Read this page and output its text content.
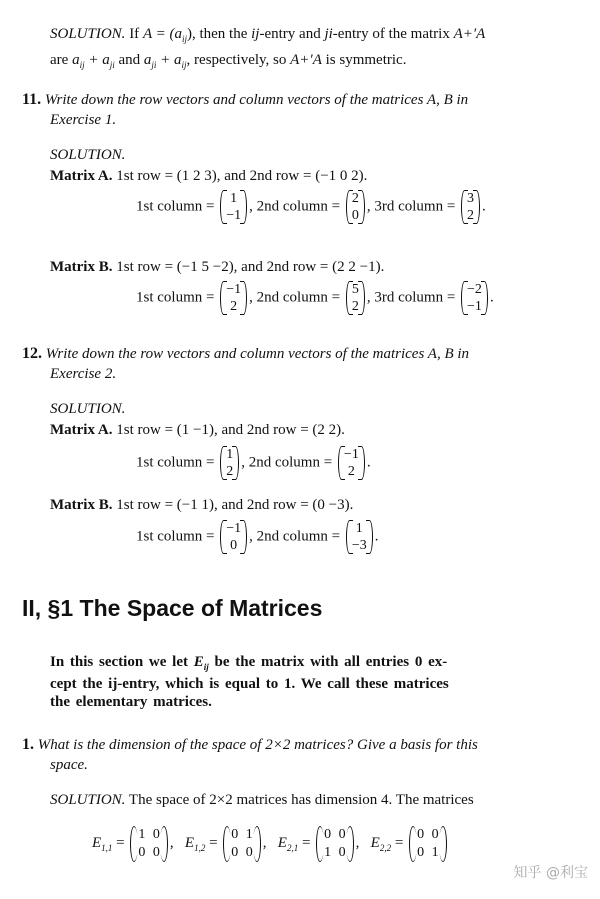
SOLUTION. If $A = (a_{ij})$, then the ij-entry and ji-entry of the matrix A+′A
are $a_{ij} + a_{ji}$ and $a_{ji} + a_{ij}$, respectively, so A+′A is symmetric.
11. Write down the row vectors and column vectors of the matrices A, B in
Exercise 1.
SOLUTION.
Matrix A. 1st row = (1 2 3), and 2nd row = (−1 0 2).
1st column = 1
−1
, 2nd column = 2
0
, 3rd column = 3
2
.
Matrix B. 1st row = (−1 5 −2), and 2nd row = (2 2 −1).
1st column = −1
2
, 2nd column = 5
2
, 3rd column = −2
−1
.
12. Write down the row vectors and column vectors of the matrices A, B in
Exercise 2.
SOLUTION.
Matrix A. 1st row = (1 −1), and 2nd row = (2 2).
1st column = 1
2
, 2nd column = −1
2
.
Matrix B. 1st row = (−1 1), and 2nd row = (0 −3).
1st column = −1
0
, 2nd column = 1
−3
.
II, §1 The Space of Matrices
In this section we let $E_{ij}$ be the matrix with all entries 0 ex-
cept the ij-entry, which is equal to 1. We call these matrices
the elementary matrices.
1. What is the dimension of the space of 2×2 matrices? Give a basis for this
space.
SOLUTION. The space of 2×2 matrices has dimension 4. The matrices
$E_{1,1}$ =
1 0
0 0
,   $E_{1,2}$ =
0 1
0 0
,   $E_{2,1}$ =
0 0
1 0
,   $E_{2,2}$ =
0 0
0 1
知乎 @利宝
